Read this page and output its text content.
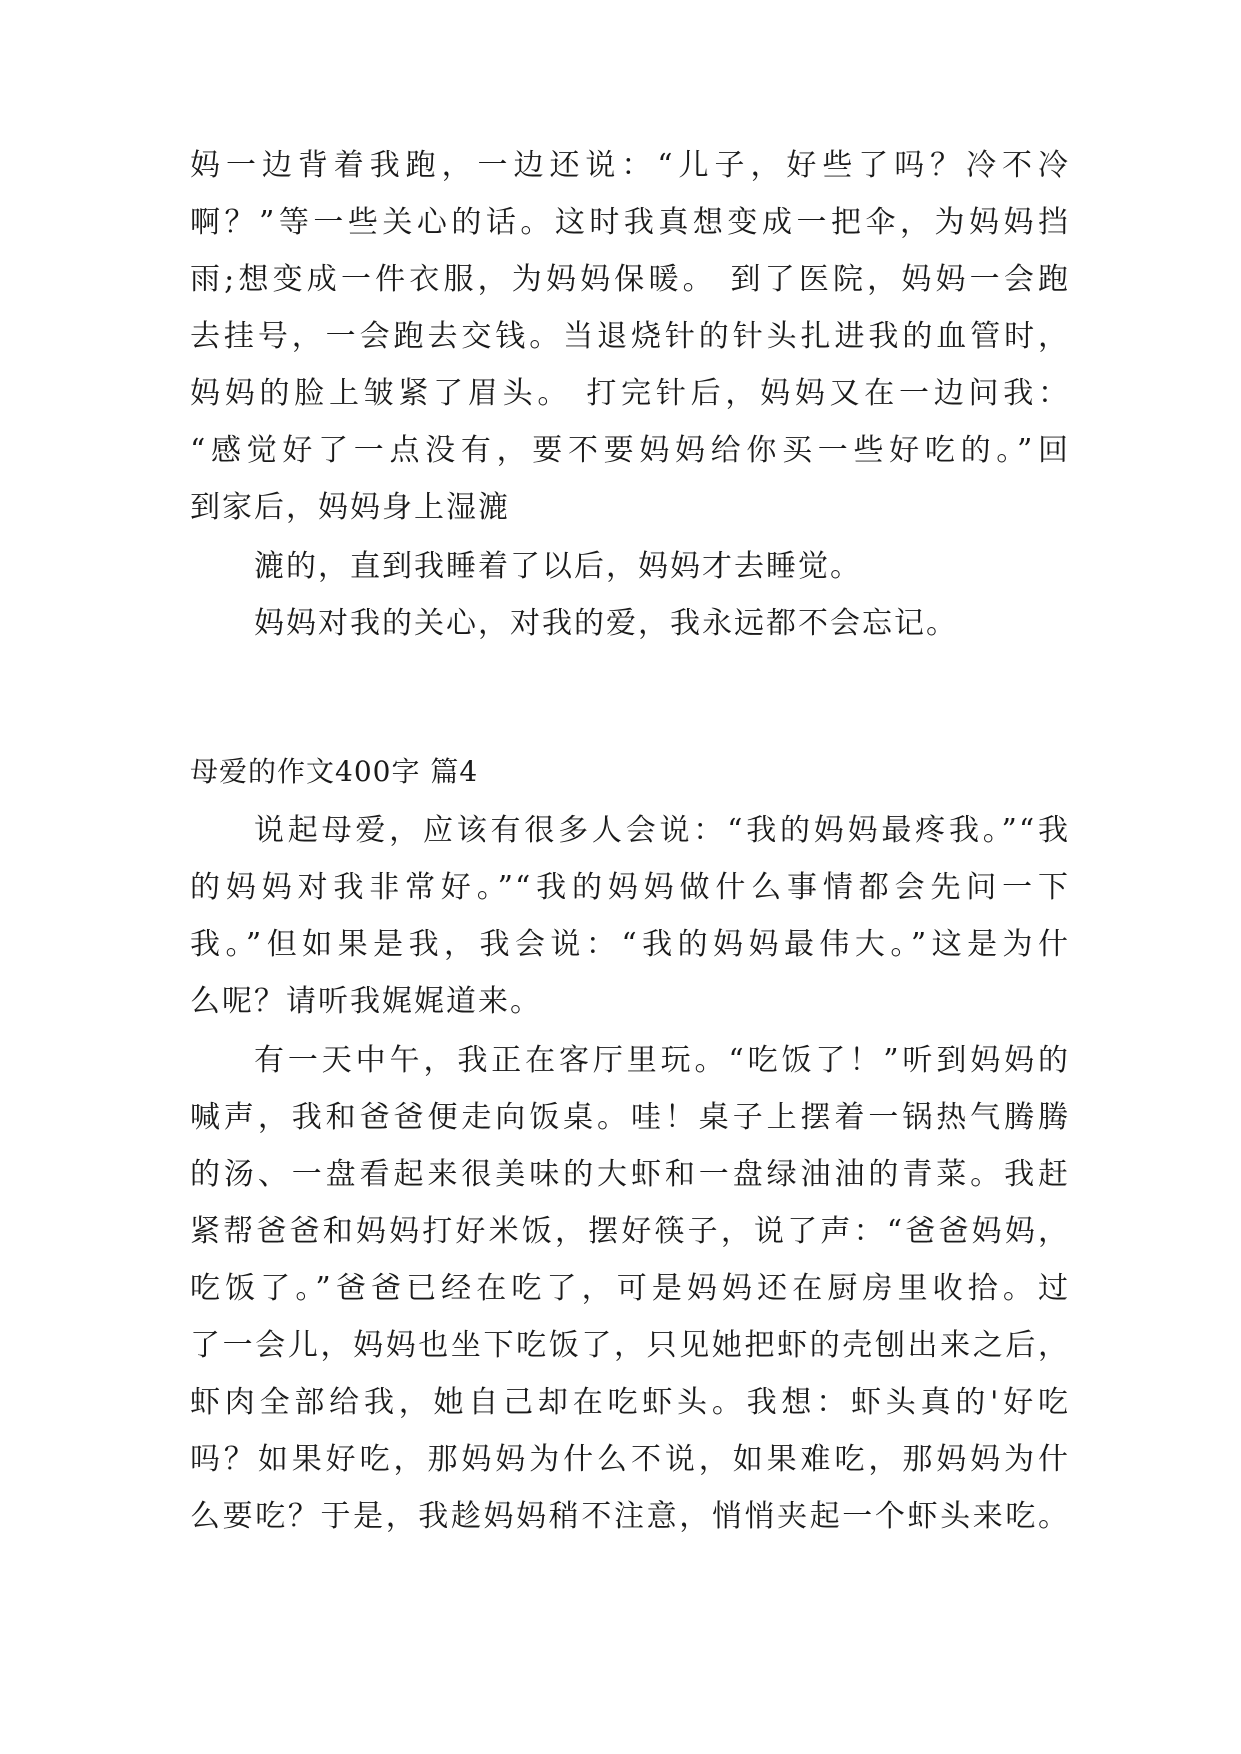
妈一边背着我跑，一边还说：“儿子，好些了吗？冷不冷
啊？”等一些关心的话。这时我真想变成一把伞，为妈妈挡
雨;想变成一件衣服，为妈妈保暖。 到了医院，妈妈一会跑
去挂号，一会跑去交钱。当退烧针的针头扎进我的血管时，
妈妈的脸上皱紧了眉头。 打完针后，妈妈又在一边问我：
“感觉好了一点没有，要不要妈妈给你买一些好吃的。”回
到家后，妈妈身上湿漉
漉的，直到我睡着了以后，妈妈才去睡觉。
妈妈对我的关心，对我的爱，我永远都不会忘记。
母爱的作文400字 篇4
说起母爱，应该有很多人会说：“我的妈妈最疼我。”“我
的妈妈对我非常好。”“我的妈妈做什么事情都会先问一下
我。”但如果是我，我会说：“我的妈妈最伟大。”这是为什
么呢？请听我娓娓道来。
有一天中午，我正在客厅里玩。“吃饭了！”听到妈妈的
喊声，我和爸爸便走向饭桌。哇！桌子上摆着一锅热气腾腾
的汤、一盘看起来很美味的大虾和一盘绿油油的青菜。我赶
紧帮爸爸和妈妈打好米饭，摆好筷子，说了声：“爸爸妈妈，
吃饭了。”爸爸已经在吃了，可是妈妈还在厨房里收拾。过
了一会儿，妈妈也坐下吃饭了，只见她把虾的壳刨出来之后，
虾肉全部给我，她自己却在吃虾头。我想：虾头真的'好吃
吗？如果好吃，那妈妈为什么不说，如果难吃，那妈妈为什
么要吃？于是，我趁妈妈稍不注意，悄悄夹起一个虾头来吃。
